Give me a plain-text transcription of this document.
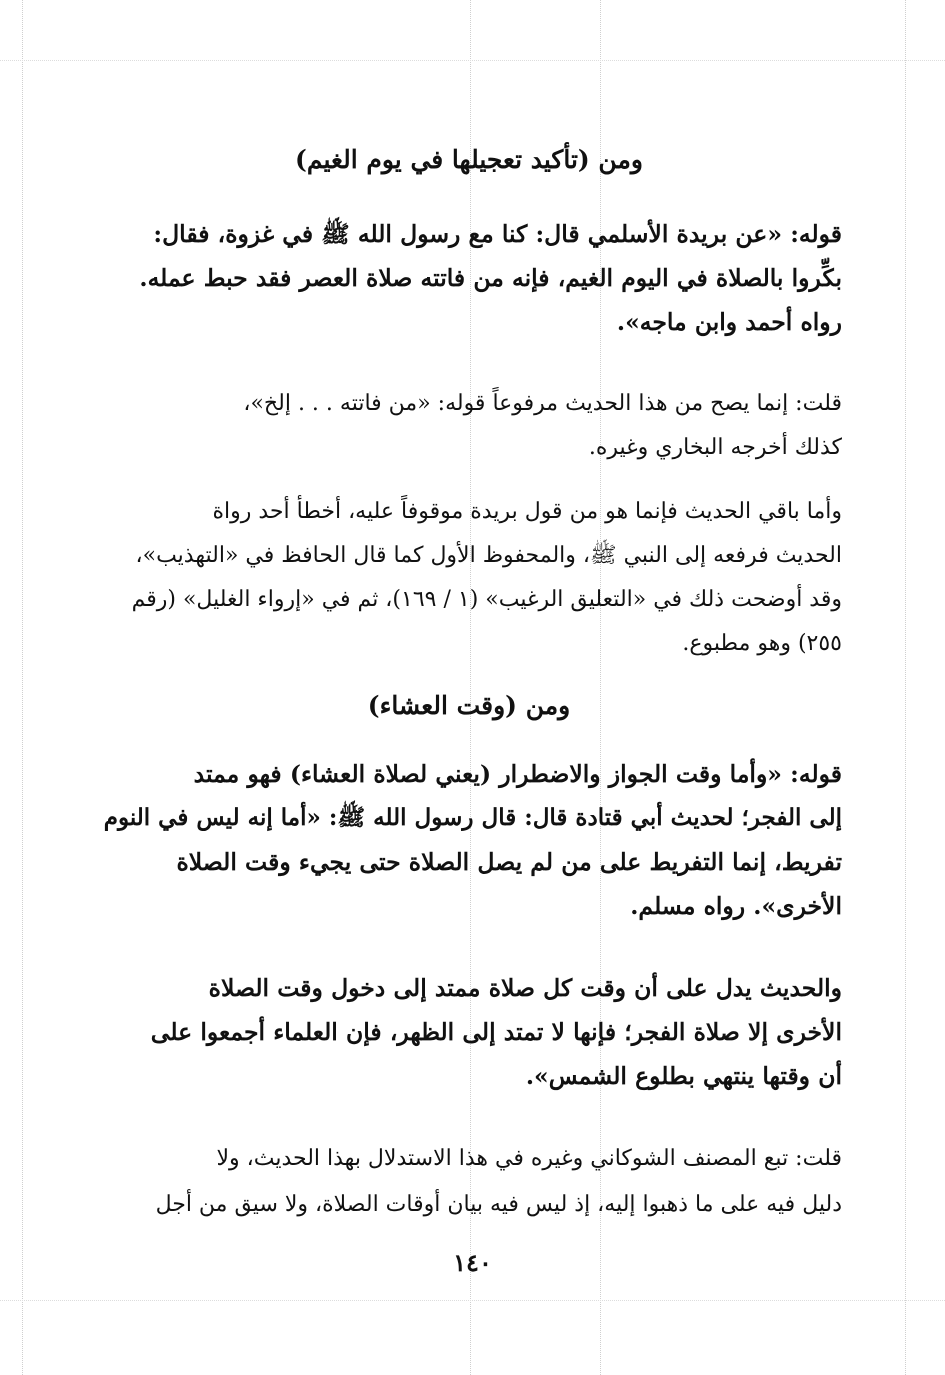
ومن (تأكيد تعجيلها في يوم الغيم)
قوله: «عن بريدة الأسلمي قال: كنا مع رسول الله ﷺ في غزوة، فقال:
بكِّروا بالصلاة في اليوم الغيم، فإنه من فاتته صلاة العصر فقد حبط عمله.
رواه أحمد وابن ماجه».
قلت: إنما يصح من هذا الحديث مرفوعاً قوله: «من فاتته . . . إلخ»،
كذلك أخرجه البخاري وغيره.
وأما باقي الحديث فإنما هو من قول بريدة موقوفاً عليه، أخطأ أحد رواة
الحديث فرفعه إلى النبي ﷺ، والمحفوظ الأول كما قال الحافظ في «التهذيب»،
وقد أوضحت ذلك في «التعليق الرغيب» (١ / ١٦٩)، ثم في «إرواء الغليل» (رقم
٢٥٥) وهو مطبوع.
ومن (وقت العشاء)
قوله: «وأما وقت الجواز والاضطرار (يعني لصلاة العشاء) فهو ممتد
إلى الفجر؛ لحديث أبي قتادة قال: قال رسول الله ﷺ: «أما إنه ليس في النوم
تفريط، إنما التفريط على من لم يصل الصلاة حتى يجيء وقت الصلاة
الأخرى». رواه مسلم.
والحديث يدل على أن وقت كل صلاة ممتد إلى دخول وقت الصلاة
الأخرى إلا صلاة الفجر؛ فإنها لا تمتد إلى الظهر، فإن العلماء أجمعوا على
أن وقتها ينتهي بطلوع الشمس».
قلت: تبع المصنف الشوكاني وغيره في هذا الاستدلال بهذا الحديث، ولا
دليل فيه على ما ذهبوا إليه، إذ ليس فيه بيان أوقات الصلاة، ولا سيق من أجل
١٤٠
